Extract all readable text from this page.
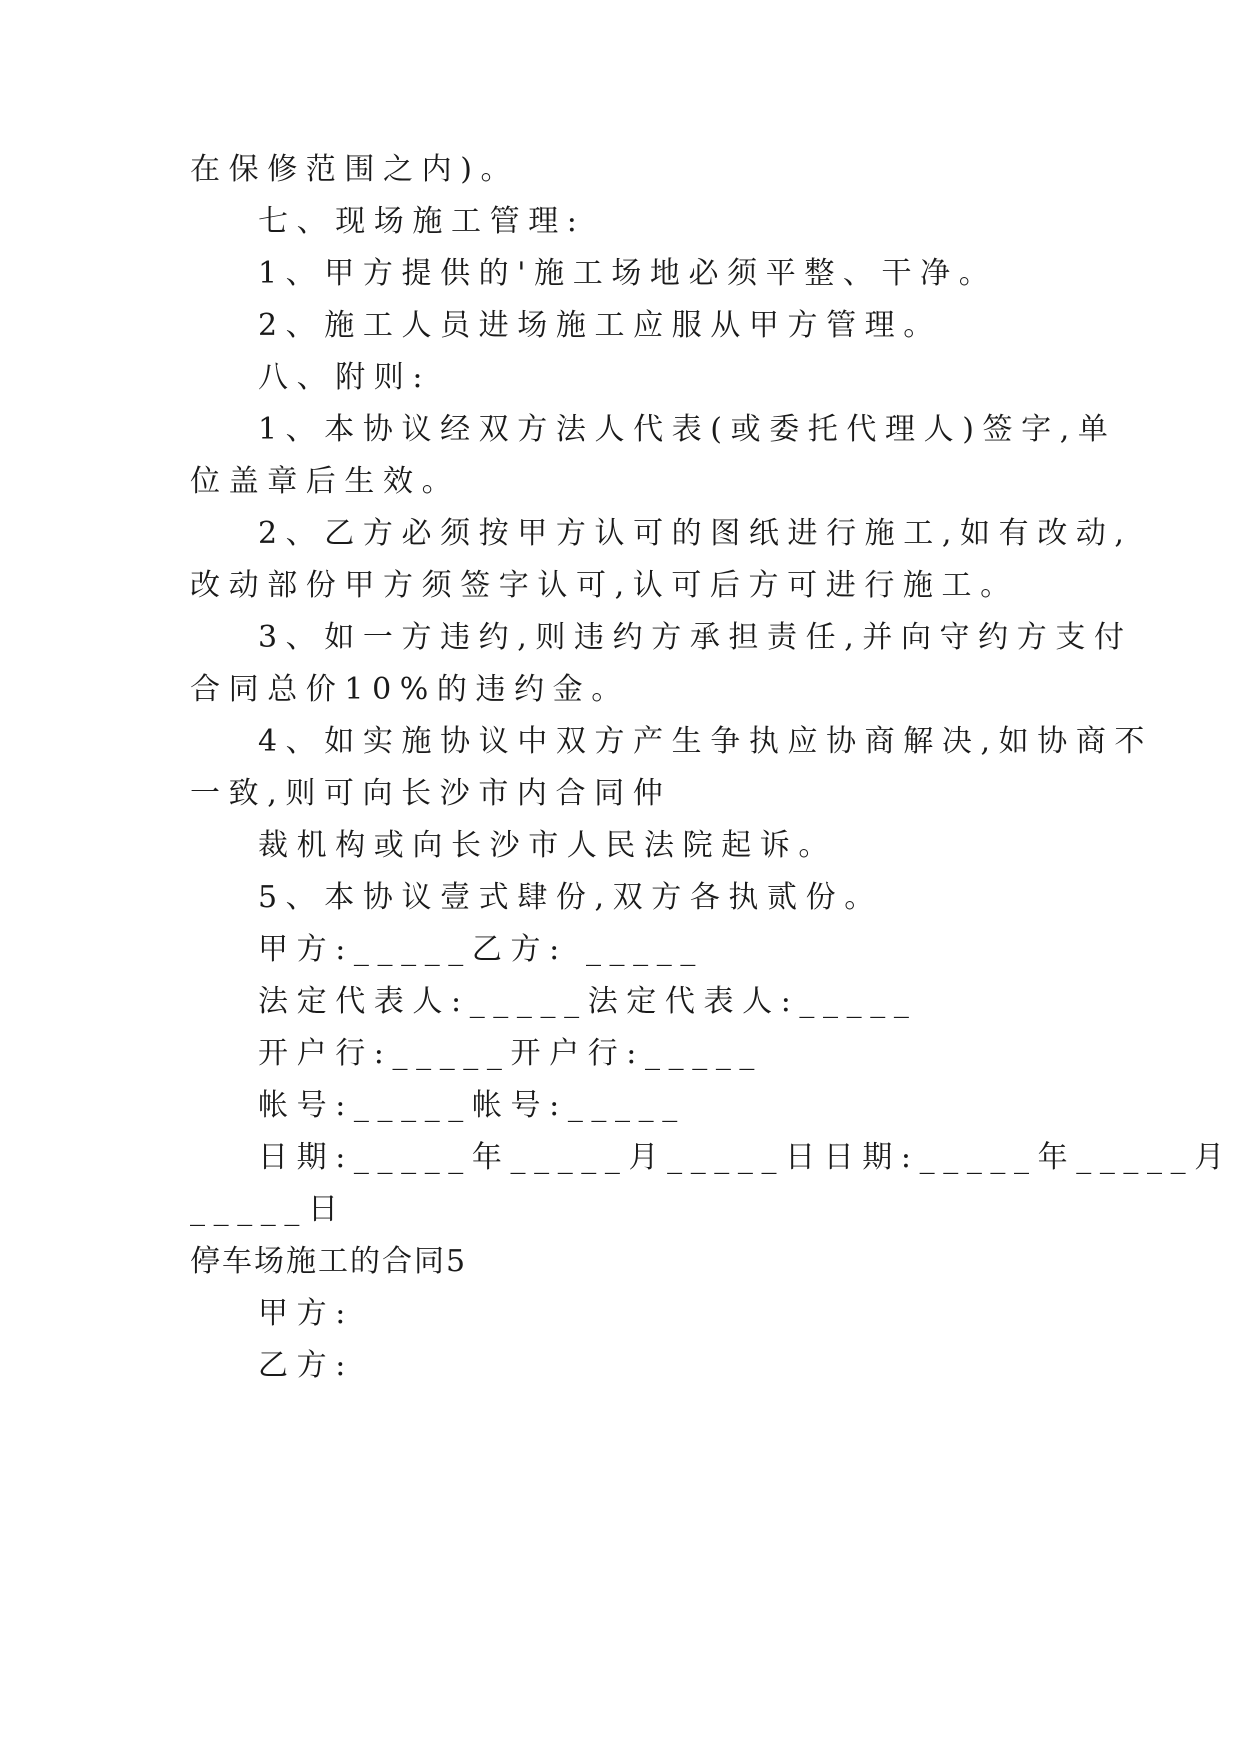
在保修范围之内)。
七、现场施工管理:
1、甲方提供的'施工场地必须平整、干净。
2、施工人员进场施工应服从甲方管理。
八、附则:
1、本协议经双方法人代表(或委托代理人)签字,单
位盖章后生效。
2、乙方必须按甲方认可的图纸进行施工,如有改动,
改动部份甲方须签字认可,认可后方可进行施工。
3、如一方违约,则违约方承担责任,并向守约方支付
合同总价10%的违约金。
4、如实施协议中双方产生争执应协商解决,如协商不
一致,则可向长沙市内合同仲
裁机构或向长沙市人民法院起诉。
5、本协议壹式肆份,双方各执贰份。
甲方:_____乙方: _____
法定代表人:_____法定代表人:_____
开户行:_____开户行:_____
帐号:_____帐号:_____
日期:_____年_____月_____日日期:_____年_____月
_____日
停车场施工的合同5
甲方:
乙方:
